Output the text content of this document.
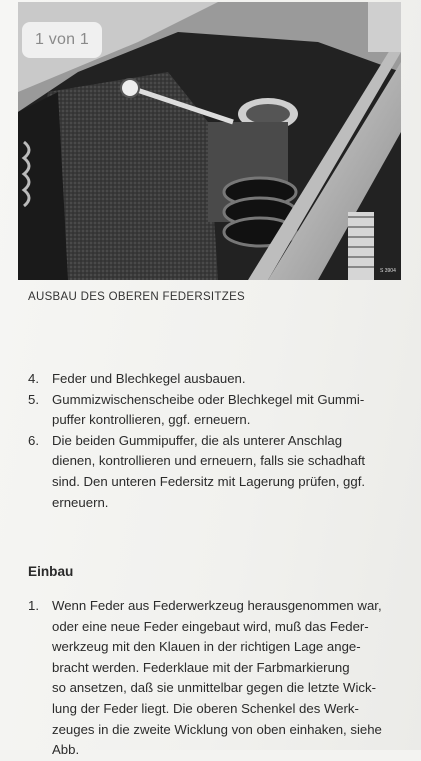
S 3904
1 von 1
AUSBAU DES OBEREN FEDERSITZES
4. Feder und Blechkegel ausbauen.
5. Gummizwischenscheibe oder Blechkegel mit Gummi-
puffer kontrollieren, ggf. erneuern.
6. Die beiden Gummipuffer, die als unterer Anschlag
dienen, kontrollieren und erneuern, falls sie schadhaft
sind. Den unteren Federsitz mit Lagerung prüfen, ggf.
erneuern.
Einbau
1. Wenn Feder aus Federwerkzeug herausgenommen war,
oder eine neue Feder eingebaut wird, muß das Feder-
werkzeug mit den Klauen in der richtigen Lage ange-
bracht werden. Federklaue mit der Farbmarkierung
so ansetzen, daß sie unmittelbar gegen die letzte Wick-
lung der Feder liegt. Die oberen Schenkel des Werk-
zeuges in die zweite Wicklung von oben einhaken, siehe
Abb.
